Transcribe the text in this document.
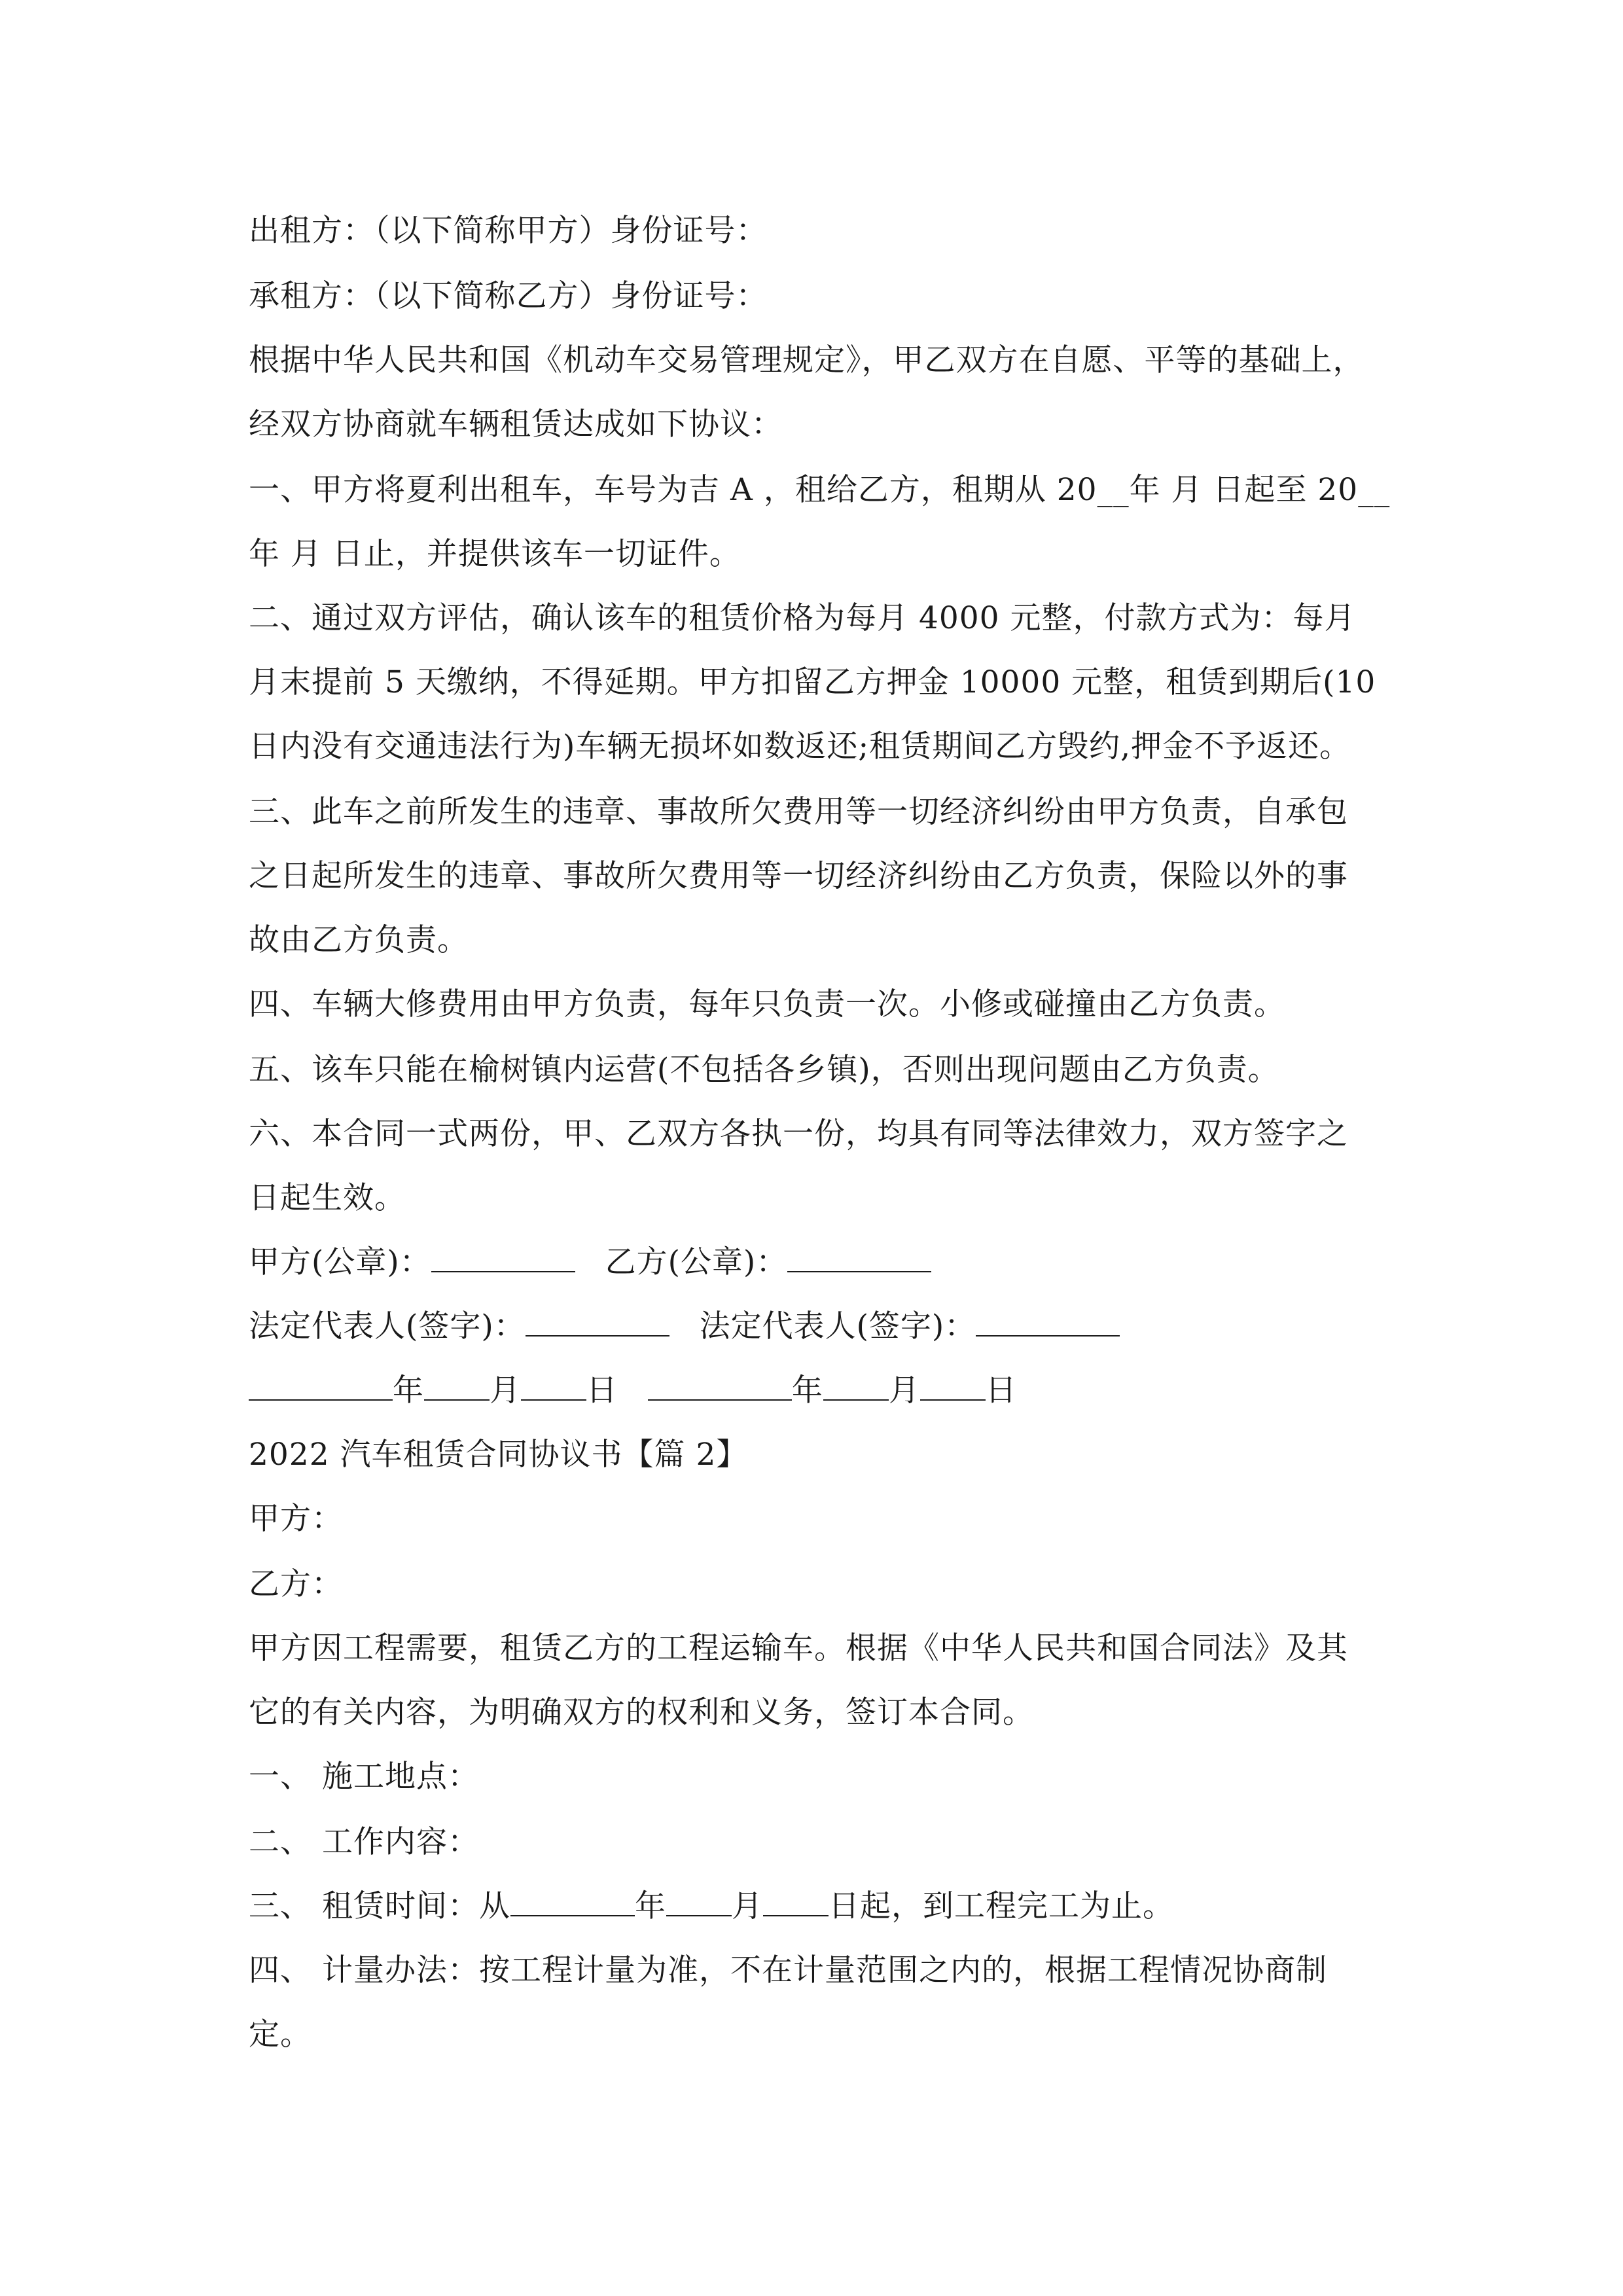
出租方：（以下简称甲方）身份证号：
承租方：（以下简称乙方）身份证号：
根据中华人民共和国《机动车交易管理规定》，甲乙双方在自愿、平等的基础上，
经双方协商就车辆租赁达成如下协议：
一、甲方将夏利出租车，车号为吉 A ，租给乙方，租期从 20__年 月 日起至 20__
年 月 日止，并提供该车一切证件。
二、通过双方评估，确认该车的租赁价格为每月 4000 元整，付款方式为：每月
月末提前 5 天缴纳，不得延期。甲方扣留乙方押金 10000 元整，租赁到期后(10
日内没有交通违法行为)车辆无损坏如数返还;租赁期间乙方毁约,押金不予返还。
三、此车之前所发生的违章、事故所欠费用等一切经济纠纷由甲方负责，自承包
之日起所发生的违章、事故所欠费用等一切经济纠纷由乙方负责，保险以外的事
故由乙方负责。
四、车辆大修费用由甲方负责，每年只负责一次。小修或碰撞由乙方负责。
五、该车只能在榆树镇内运营(不包括各乡镇)，否则出现问题由乙方负责。
六、本合同一式两份，甲、乙双方各执一份，均具有同等法律效力，双方签字之
日起生效。
甲方(公章)：	乙方(公章)：
法定代表人(签字)：	法定代表人(签字)：
年 月 日	年 月 日
2022 汽车租赁合同协议书【篇 2】
甲方：
乙方：
甲方因工程需要，租赁乙方的工程运输车。根据《中华人民共和国合同法》及其
它的有关内容，为明确双方的权利和义务，签订本合同。
一、 施工地点：
二、 工作内容：
三、 租赁时间：从	年 月 日起，到工程完工为止。
四、 计量办法：按工程计量为准，不在计量范围之内的，根据工程情况协商制
定。
